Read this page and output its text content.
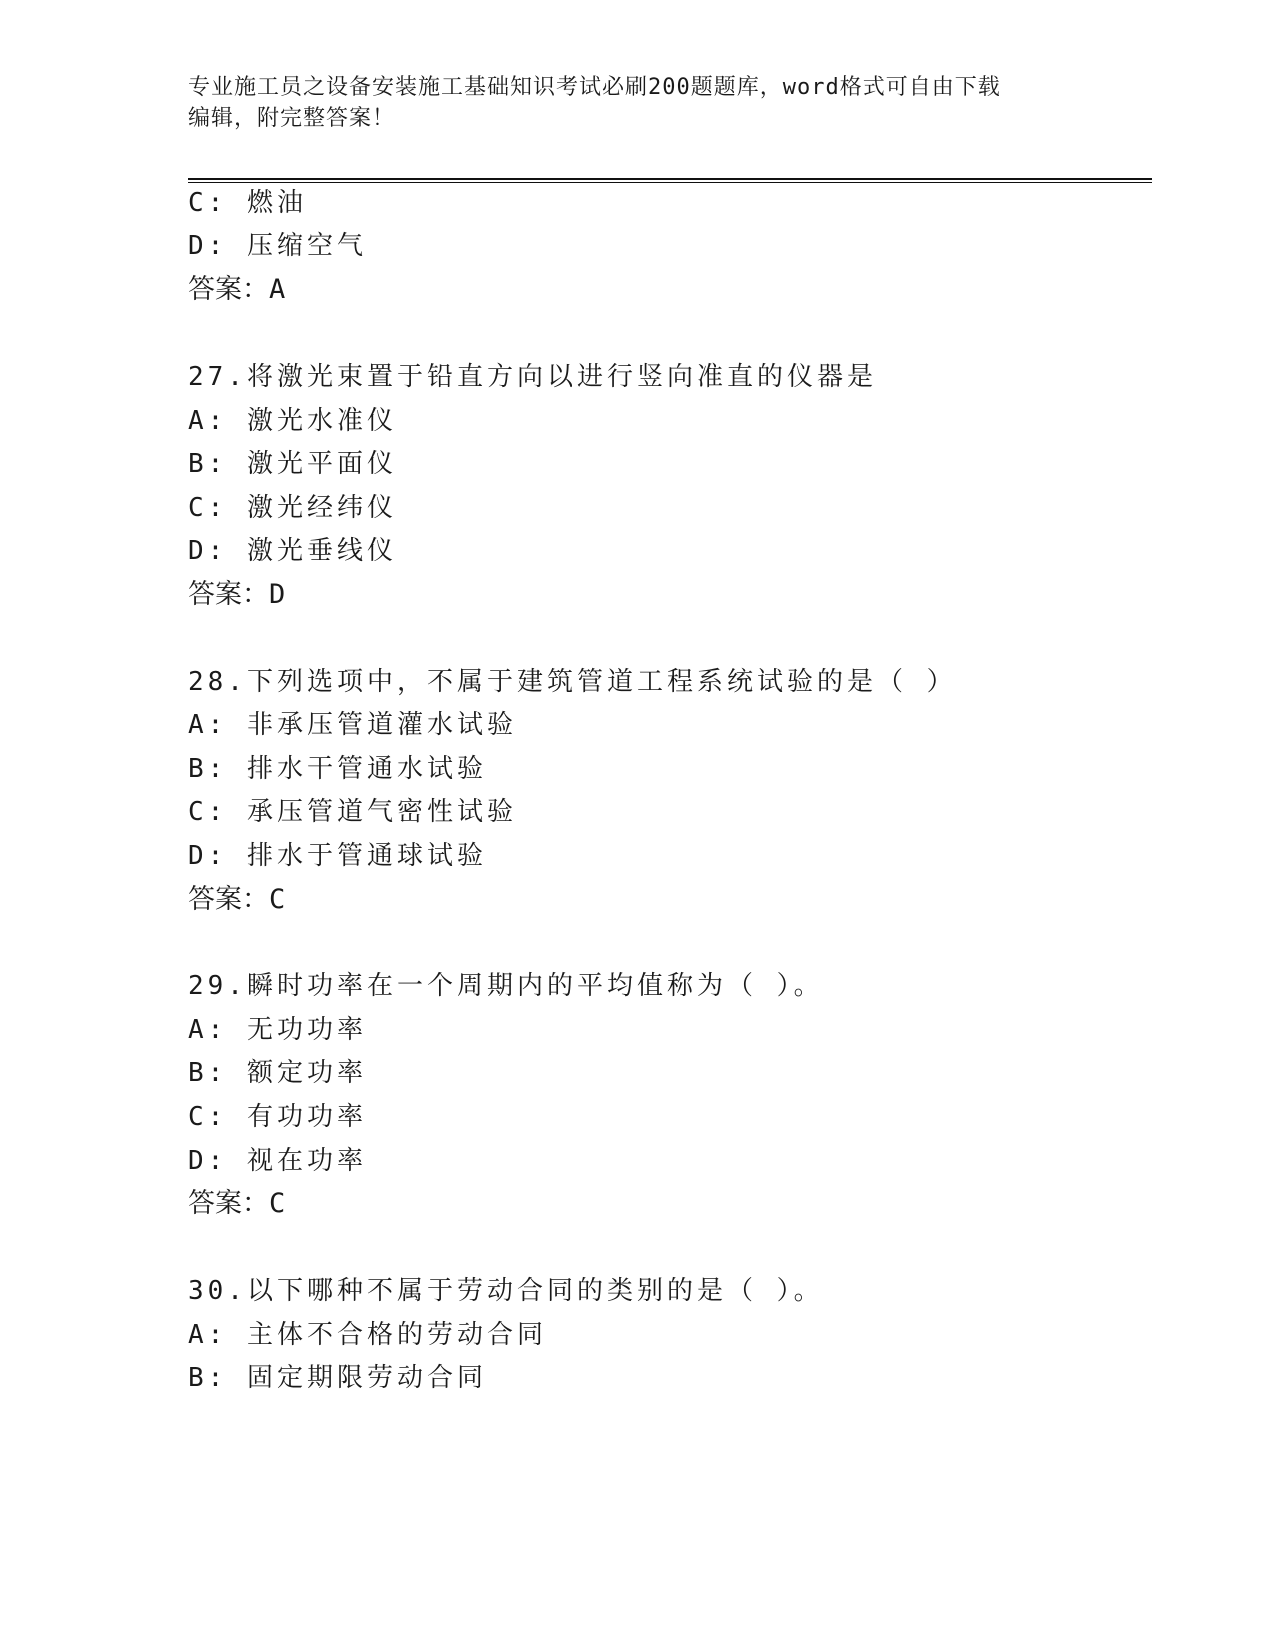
专业施工员之设备安装施工基础知识考试必刷200题题库，word格式可自由下载
编辑，附完整答案！
C: 燃油
D: 压缩空气
答案：A
27.将激光束置于铅直方向以进行竖向准直的仪器是
A: 激光水准仪
B: 激光平面仪
C: 激光经纬仪
D: 激光垂线仪
答案：D
28.下列选项中，不属于建筑管道工程系统试验的是（ ）
A: 非承压管道灌水试验
B: 排水干管通水试验
C: 承压管道气密性试验
D: 排水于管通球试验
答案：C
29.瞬时功率在一个周期内的平均值称为（ ）。
A: 无功功率
B: 额定功率
C: 有功功率
D: 视在功率
答案：C
30.以下哪种不属于劳动合同的类别的是（ ）。
A: 主体不合格的劳动合同
B: 固定期限劳动合同
